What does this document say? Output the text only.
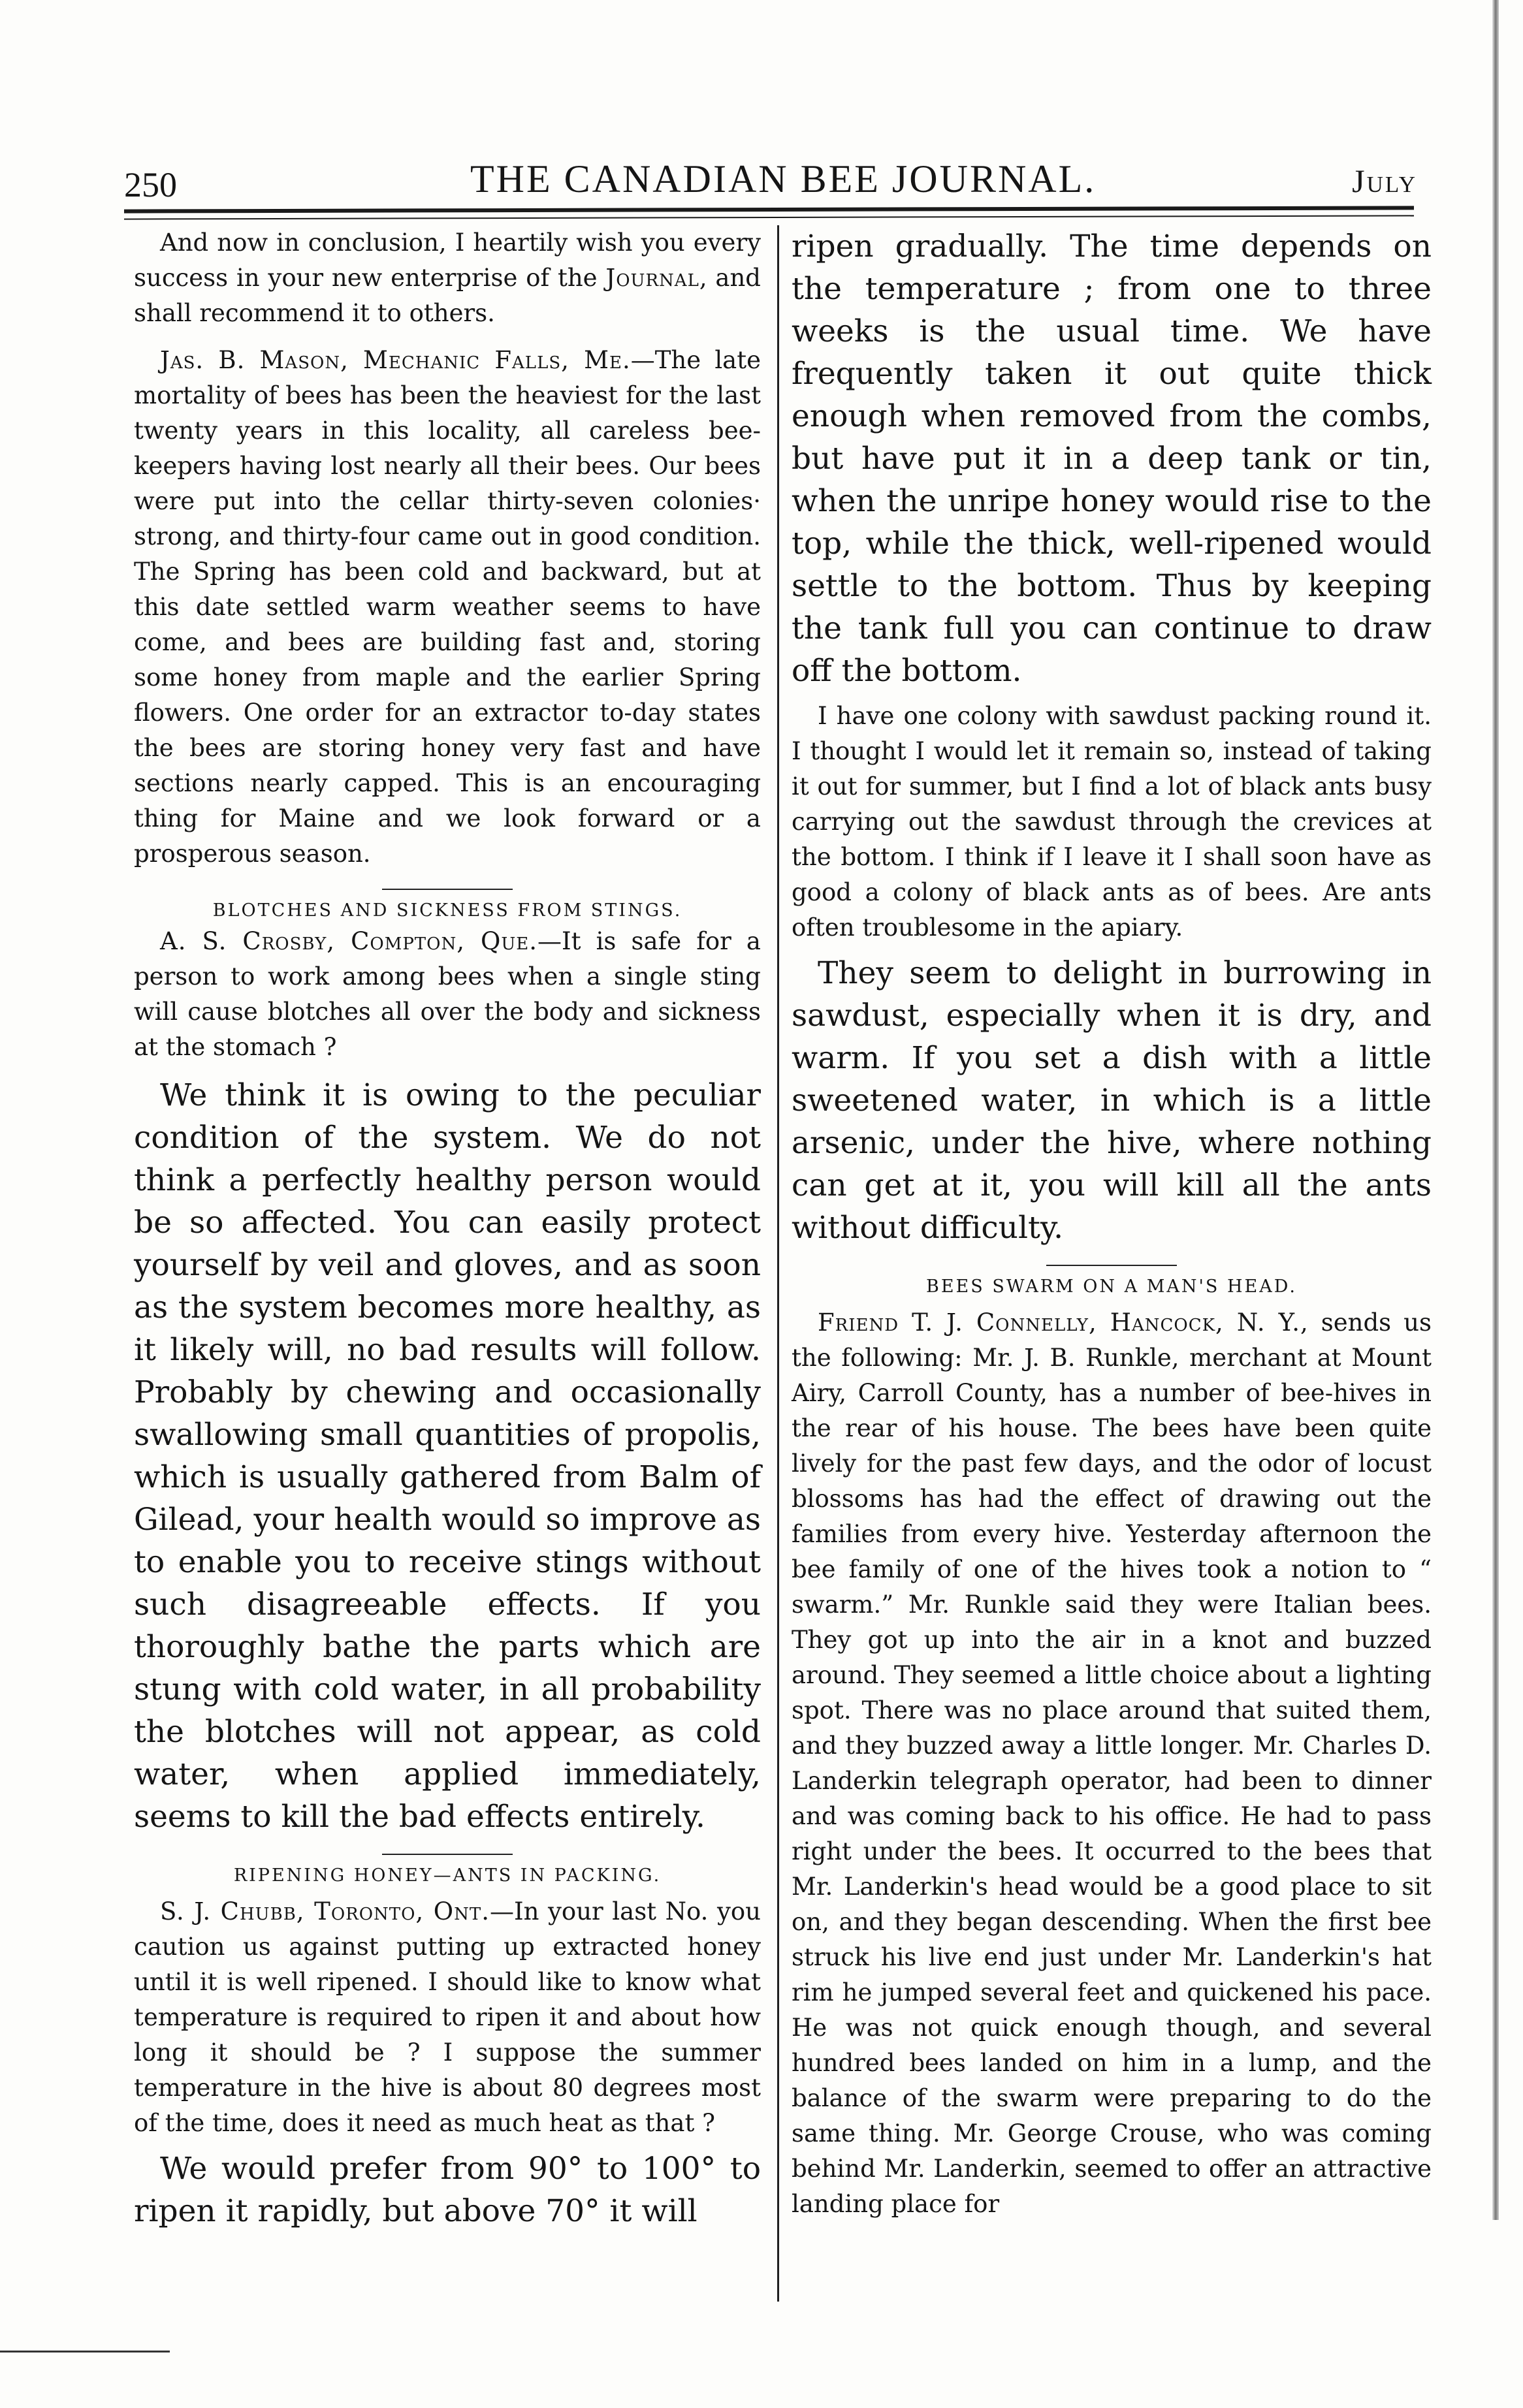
250	THE CANADIAN BEE JOURNAL.	July

And now in conclusion, I heartily wish you every success in your new enterprise of the Journal, and shall recommend it to others.

Jas. B. Mason, Mechanic Falls, Me.—The late mortality of bees has been the heaviest for the last twenty years in this locality, all careless bee-keepers having lost nearly all their bees. Our bees were put into the cellar thirty-seven colonies· strong, and thirty-four came out in good condition. The Spring has been cold and backward, but at this date settled warm weather seems to have come, and bees are building fast and, storing some honey from maple and the earlier Spring flowers. One order for an extractor to-day states the bees are storing honey very fast and have sections nearly capped. This is an encouraging thing for Maine and we look forward or a prosperous season.

BLOTCHES AND SICKNESS FROM STINGS.

A. S. Crosby, Compton, Que.—It is safe for a person to work among bees when a single sting will cause blotches all over the body and sickness at the stomach ?

We think it is owing to the peculiar condition of the system. We do not think a perfectly healthy person would be so affected. You can easily protect yourself by veil and gloves, and as soon as the system becomes more healthy, as it likely will, no bad results will follow. Probably by chewing and occasionally swallowing small quantities of propolis, which is usually gathered from Balm of Gilead, your health would so improve as to enable you to receive stings without such disagreeable effects. If you thoroughly bathe the parts which are stung with cold water, in all probability the blotches will not appear, as cold water, when applied immediately, seems to kill the bad effects entirely.

RIPENING HONEY—ANTS IN PACKING.

S. J. Chubb, Toronto, Ont.—In your last No. you caution us against putting up extracted honey until it is well ripened. I should like to know what temperature is required to ripen it and about how long it should be ? I suppose the summer temperature in the hive is about 80 degrees most of the time, does it need as much heat as that ?

We would prefer from 90° to 100° to ripen it rapidly, but above 70° it will

ripen gradually. The time depends on the temperature ; from one to three weeks is the usual time. We have frequently taken it out quite thick enough when removed from the combs, but have put it in a deep tank or tin, when the unripe honey would rise to the top, while the thick, well-ripened would settle to the bottom. Thus by keeping the tank full you can continue to draw off the bottom.

I have one colony with sawdust packing round it. I thought I would let it remain so, instead of taking it out for summer, but I find a lot of black ants busy carrying out the sawdust through the crevices at the bottom. I think if I leave it I shall soon have as good a colony of black ants as of bees. Are ants often troublesome in the apiary.

They seem to delight in burrowing in sawdust, especially when it is dry, and warm. If you set a dish with a little sweetened water, in which is a little arsenic, under the hive, where nothing can get at it, you will kill all the ants without difficulty.

BEES SWARM ON A MAN'S HEAD.

Friend T. J. Connelly, Hancock, N. Y., sends us the following: Mr. J. B. Runkle, merchant at Mount Airy, Carroll County, has a number of bee-hives in the rear of his house. The bees have been quite lively for the past few days, and the odor of locust blossoms has had the effect of drawing out the families from every hive. Yesterday afternoon the bee family of one of the hives took a notion to “ swarm.” Mr. Runkle said they were Italian bees. They got up into the air in a knot and buzzed around. They seemed a little choice about a lighting spot. There was no place around that suited them, and they buzzed away a little longer. Mr. Charles D. Landerkin telegraph operator, had been to dinner and was coming back to his office. He had to pass right under the bees. It occurred to the bees that Mr. Landerkin's head would be a good place to sit on, and they began descending. When the first bee struck his live end just under Mr. Landerkin's hat rim he jumped several feet and quickened his pace. He was not quick enough though, and several hundred bees landed on him in a lump, and the balance of the swarm were preparing to do the same thing. Mr. George Crouse, who was coming behind Mr. Landerkin, seemed to offer an attractive landing place for
